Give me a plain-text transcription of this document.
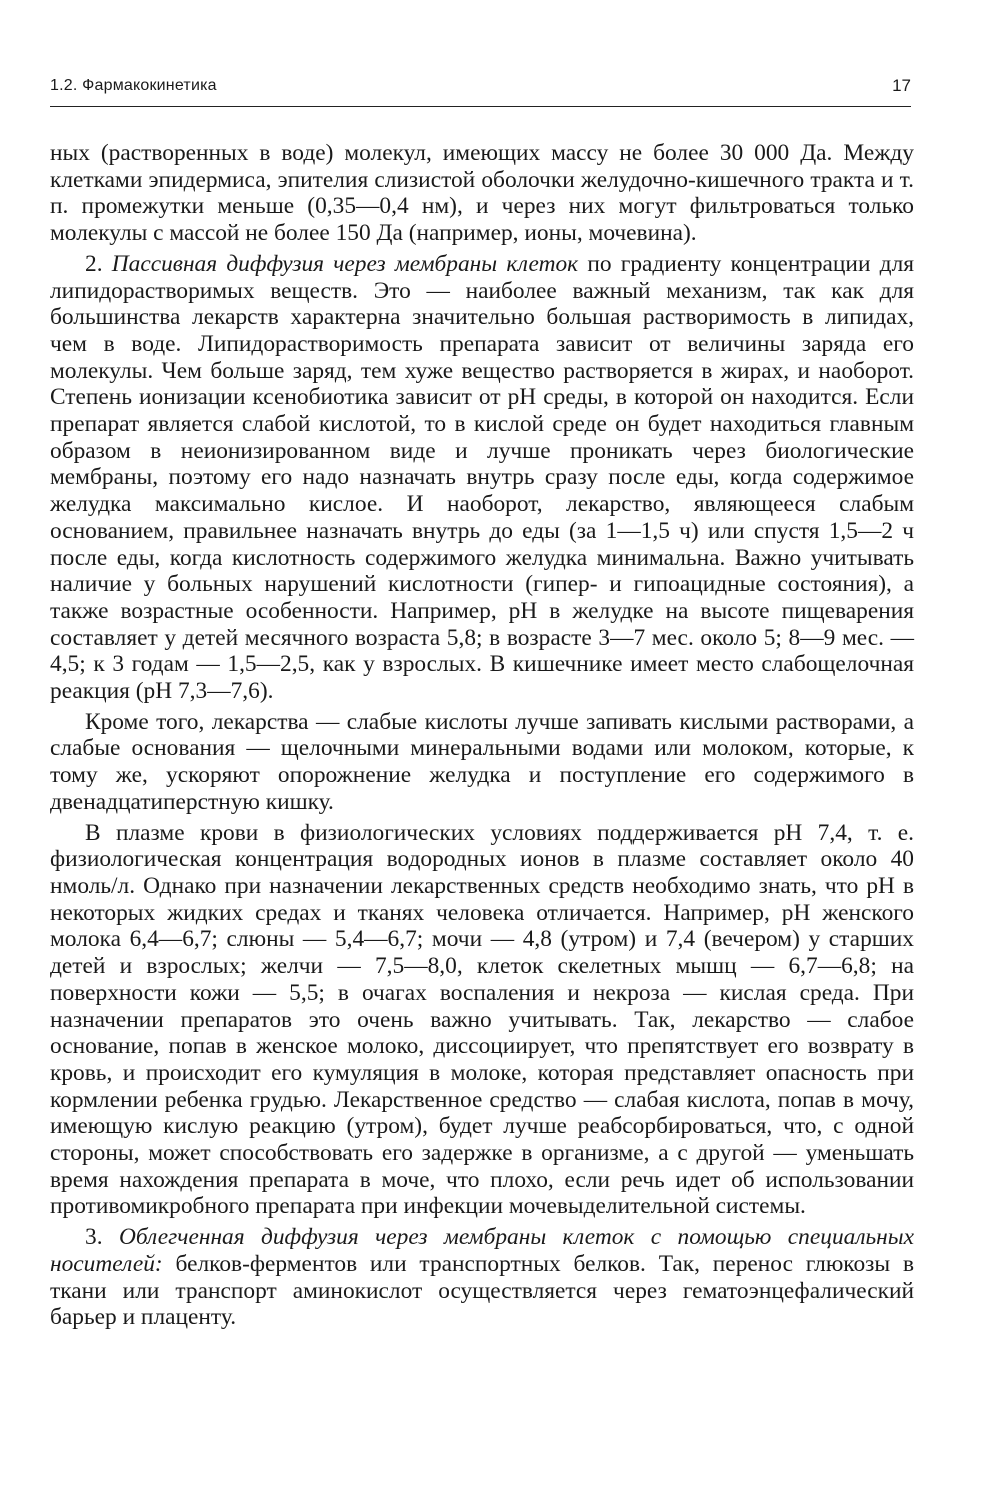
1.2. Фармакокинетика	17

ных (растворенных в воде) молекул, имеющих массу не более 30 000 Да. Между клетками эпидермиса, эпителия слизистой оболочки желудочно-кишечного тракта и т. п. промежутки меньше (0,35—0,4 нм), и через них могут фильтроваться только молекулы с массой не более 150 Да (например, ионы, мочевина).

2. Пассивная диффузия через мембраны клеток по градиенту концентрации для липидорастворимых веществ. Это — наиболее важный механизм, так как для большинства лекарств характерна значительно большая растворимость в липидах, чем в воде. Липидорастворимость препарата зависит от величины заряда его молекулы. Чем больше заряд, тем хуже вещество растворяется в жирах, и наоборот. Степень ионизации ксенобиотика зависит от pH среды, в которой он находится. Если препарат является слабой кислотой, то в кислой среде он будет находиться главным образом в неионизированном виде и лучше проникать через биологические мембраны, поэтому его надо назначать внутрь сразу после еды, когда содержимое желудка максимально кислое. И наоборот, лекарство, являющееся слабым основанием, правильнее назначать внутрь до еды (за 1—1,5 ч) или спустя 1,5—2 ч после еды, когда кислотность содержимого желудка минимальна. Важно учитывать наличие у больных нарушений кислотности (гипер- и гипоацидные состояния), а также возрастные особенности. Например, pH в желудке на высоте пищеварения составляет у детей месячного возраста 5,8; в возрасте 3—7 мес. около 5; 8—9 мес. — 4,5; к 3 годам — 1,5—2,5, как у взрослых. В кишечнике имеет место слабощелочная реакция (pH 7,3—7,6).

Кроме того, лекарства — слабые кислоты лучше запивать кислыми растворами, а слабые основания — щелочными минеральными водами или молоком, которые, к тому же, ускоряют опорожнение желудка и поступление его содержимого в двенадцатиперстную кишку.

В плазме крови в физиологических условиях поддерживается pH 7,4, т. е. физиологическая концентрация водородных ионов в плазме составляет около 40 нмоль/л. Однако при назначении лекарственных средств необходимо знать, что pH в некоторых жидких средах и тканях человека отличается. Например, pH женского молока 6,4—6,7; слюны — 5,4—6,7; мочи — 4,8 (утром) и 7,4 (вечером) у старших детей и взрослых; желчи — 7,5—8,0, клеток скелетных мышц — 6,7—6,8; на поверхности кожи — 5,5; в очагах воспаления и некроза — кислая среда. При назначении препаратов это очень важно учитывать. Так, лекарство — слабое основание, попав в женское молоко, диссоциирует, что препятствует его возврату в кровь, и происходит его кумуляция в молоке, которая представляет опасность при кормлении ребенка грудью. Лекарственное средство — слабая кислота, попав в мочу, имеющую кислую реакцию (утром), будет лучше реабсорбироваться, что, с одной стороны, может способствовать его задержке в организме, а с другой — уменьшать время нахождения препарата в моче, что плохо, если речь идет об использовании противомикробного препарата при инфекции мочевыделительной системы.

3. Облегченная диффузия через мембраны клеток с помощью специальных носителей: белков-ферментов или транспортных белков. Так, перенос глюкозы в ткани или транспорт аминокислот осуществляется через гематоэнцефалический барьер и плаценту.
